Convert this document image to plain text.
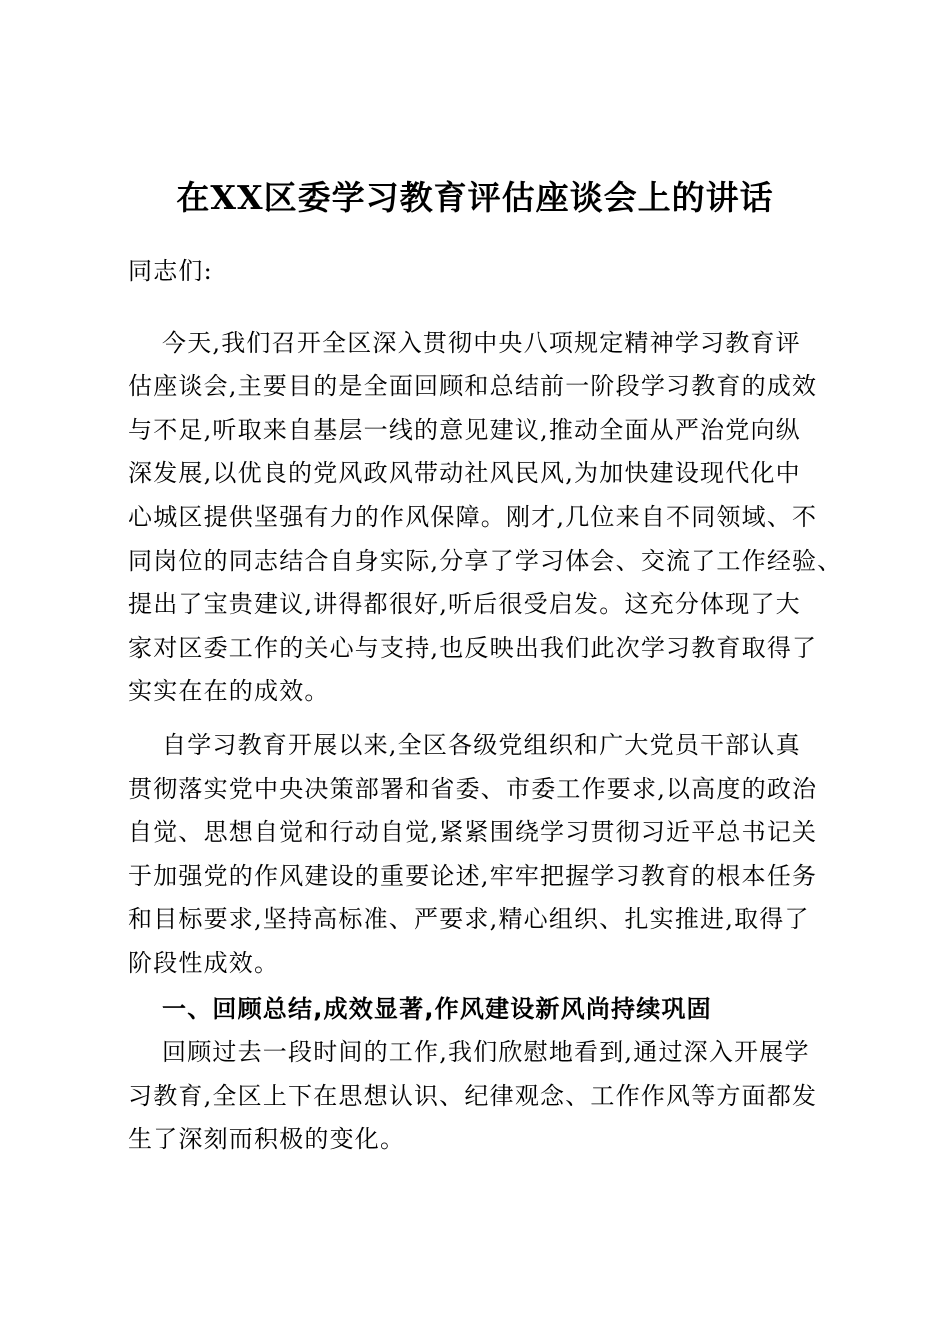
在XX区委学习教育评估座谈会上的讲话
同志们:
今天,我们召开全区深入贯彻中央八项规定精神学习教育评
估座谈会,主要目的是全面回顾和总结前一阶段学习教育的成效
与不足,听取来自基层一线的意见建议,推动全面从严治党向纵
深发展,以优良的党风政风带动社风民风,为加快建设现代化中
心城区提供坚强有力的作风保障。刚才,几位来自不同领域、不
同岗位的同志结合自身实际,分享了学习体会、交流了工作经验、
提出了宝贵建议,讲得都很好,听后很受启发。这充分体现了大
家对区委工作的关心与支持,也反映出我们此次学习教育取得了
实实在在的成效。
自学习教育开展以来,全区各级党组织和广大党员干部认真
贯彻落实党中央决策部署和省委、市委工作要求,以高度的政治
自觉、思想自觉和行动自觉,紧紧围绕学习贯彻习近平总书记关
于加强党的作风建设的重要论述,牢牢把握学习教育的根本任务
和目标要求,坚持高标准、严要求,精心组织、扎实推进,取得了
阶段性成效。
一、回顾总结,成效显著,作风建设新风尚持续巩固
回顾过去一段时间的工作,我们欣慰地看到,通过深入开展学
习教育,全区上下在思想认识、纪律观念、工作作风等方面都发
生了深刻而积极的变化。
